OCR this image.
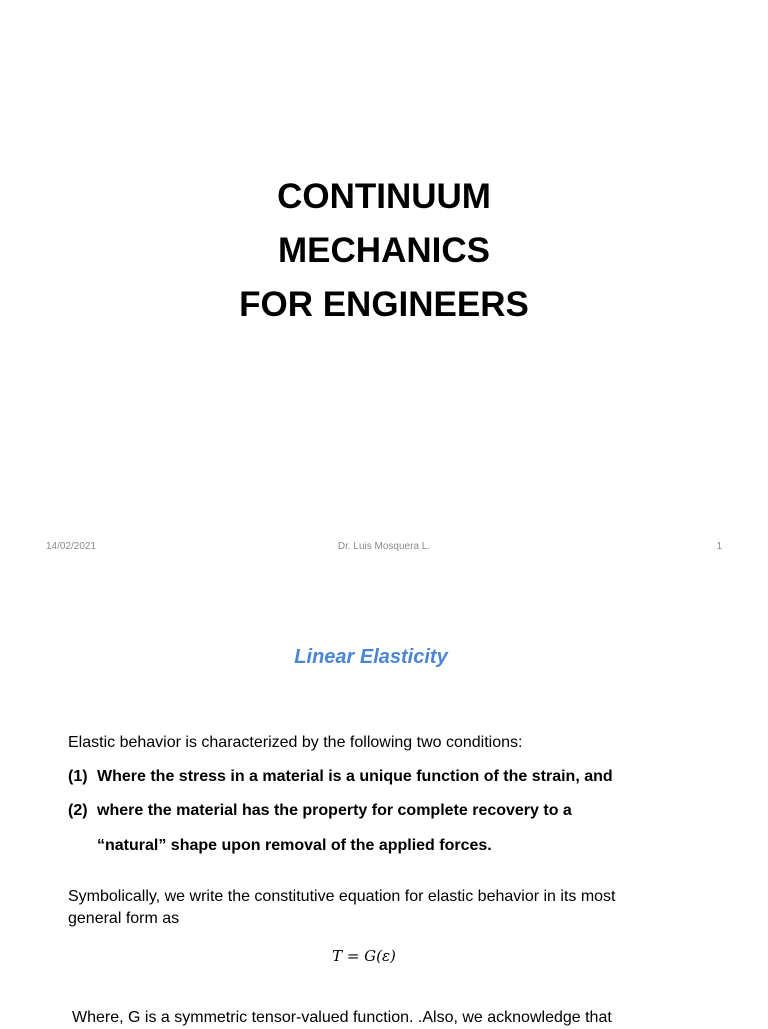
CONTINUUM
MECHANICS
FOR ENGINEERS
Dr. Luis Mosquera L.
14/02/2021	1
Linear Elasticity
Elastic behavior is characterized by the following two conditions:
(1) Where the stress in a material is a unique function of the strain, and
(2) where the material has the property for complete recovery to a
“natural” shape upon removal of the applied forces.
Symbolically, we write the constitutive equation for elastic behavior in its most general form as
T = G(ε)
Where, G is a symmetric tensor-valued function. .Also, we acknowledge that
